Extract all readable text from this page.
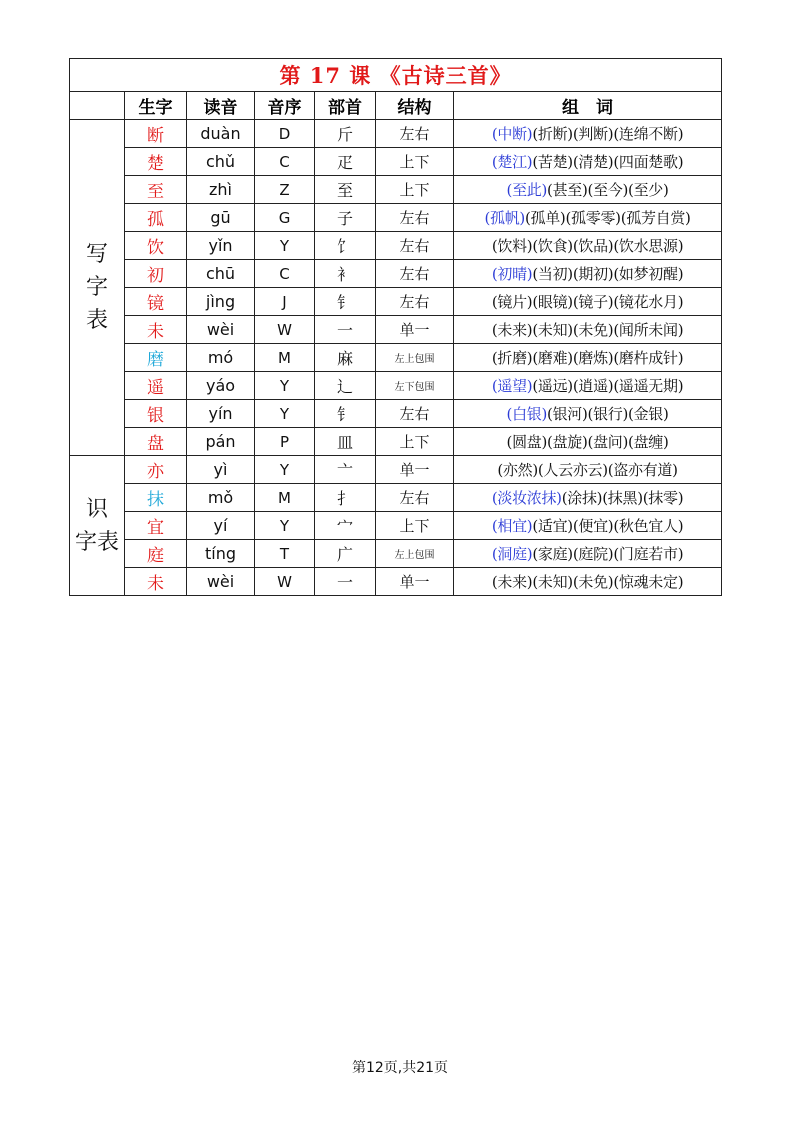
第 17 课 《古诗三首》						
	生字	读音	音序	部首	结构	组　词

写
字
表	断	duàn	D	斤	左右	(中断)(折断)(判断)(连绵不断)
	楚	chǔ	C	疋	上下	(楚江)(苦楚)(清楚)(四面楚歌)
	至	zhì	Z	至	上下	(至此)(甚至)(至今)(至少)
	孤	gū	G	子	左右	(孤帆)(孤单)(孤零零)(孤芳自赏)
	饮	yǐn	Y	饣	左右	(饮料)(饮食)(饮品)(饮水思源)
	初	chū	C	衤	左右	(初晴)(当初)(期初)(如梦初醒)
	镜	jìng	J	钅	左右	(镜片)(眼镜)(镜子)(镜花水月)
	未	wèi	W	一	单一	(未来)(未知)(未免)(闻所未闻)
	磨	mó	M	麻	左上包围	(折磨)(磨难)(磨炼)(磨杵成针)
	遥	yáo	Y	辶	左下包围	(遥望)(遥远)(逍遥)(遥遥无期)
	银	yín	Y	钅	左右	(白银)(银河)(银行)(金银)
	盘	pán	P	皿	上下	(圆盘)(盘旋)(盘问)(盘缠)

识
字表	亦	yì	Y	亠	单一	(亦然)(人云亦云)(盗亦有道)
	抹	mǒ	M	扌	左右	(淡妆浓抹)(涂抹)(抹黑)(抹零)
	宜	yí	Y	宀	上下	(相宜)(适宜)(便宜)(秋色宜人)
	庭	tíng	T	广	左上包围	(洞庭)(家庭)(庭院)(门庭若市)
	未	wèi	W	一	单一	(未来)(未知)(未免)(惊魂未定)
第12页,共21页
